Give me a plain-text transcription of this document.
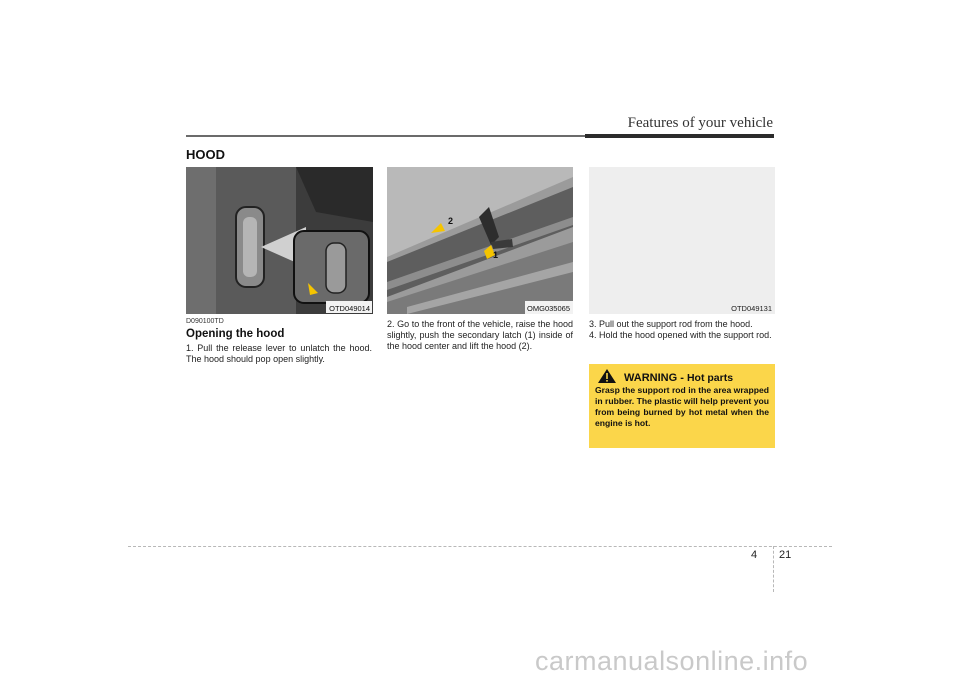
Features of your vehicle
HOOD
OTD049014
2
1
OMG035065	OTD049131
D090100TD
Opening the hood
1. Pull the release lever to unlatch the hood. The hood should pop open slightly.
2. Go to the front of the vehicle, raise the hood slightly, push the secondary latch (1) inside of the hood center and lift the hood (2).
3. Pull out the support rod from the hood.
4. Hold the hood opened with the support rod.
WARNING - Hot parts
Grasp the support rod in the area wrapped in rubber. The plastic will help prevent you from being burned by hot metal when the engine is hot.
4 21
carmanualsonline.info
